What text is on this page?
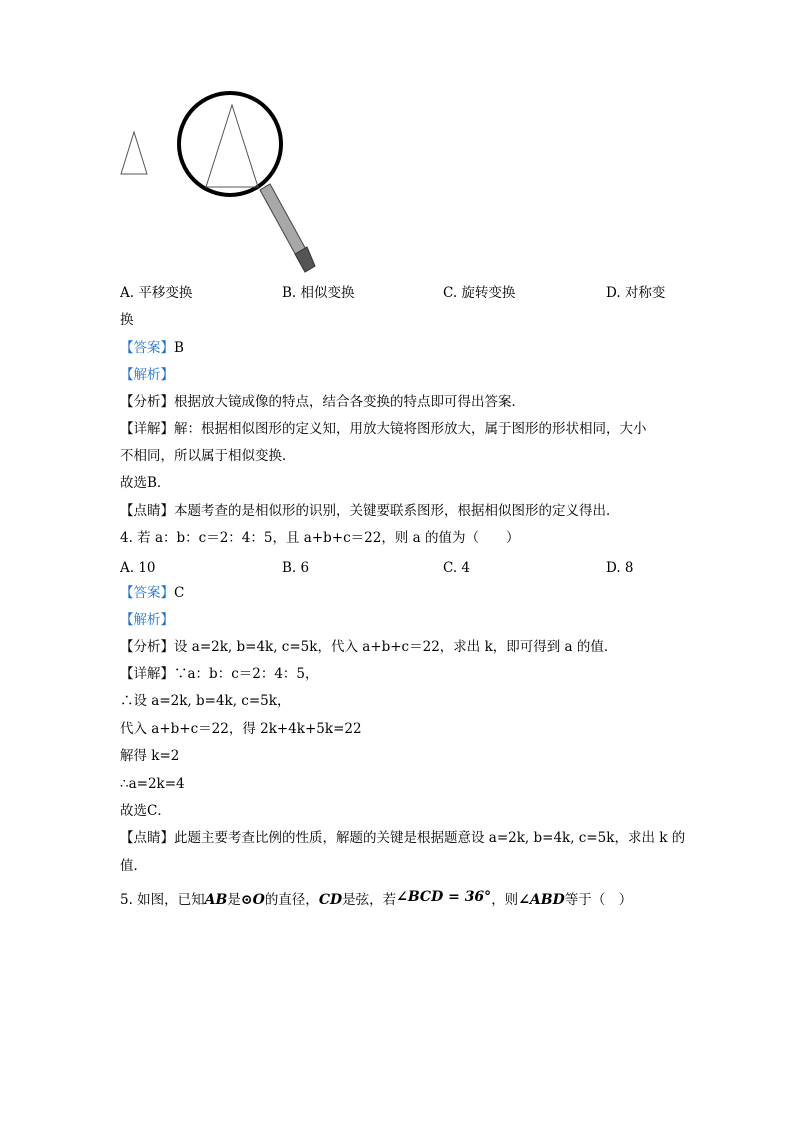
A. 平移变换	B. 相似变换	C. 旋转变换	D. 对称变
换
【答案】B
【解析】
【分析】根据放大镜成像的特点，结合各变换的特点即可得出答案．
【详解】解：根据相似图形的定义知，用放大镜将图形放大，属于图形的形状相同，大小
不相同，所以属于相似变换．
故选B．
【点睛】本题考查的是相似形的识别，关键要联系图形，根据相似图形的定义得出．
4. 若 a：b：c＝2：4：5，且 a+b+c＝22，则 a 的值为（　　）
A. 10	B. 6	C. 4	D. 8
【答案】C
【解析】
【分析】设 a=2k, b=4k, c=5k，代入 a+b+c＝22，求出 k，即可得到 a 的值．
【详解】∵a：b：c＝2：4：5，
∴设 a=2k, b=4k, c=5k，
代入 a+b+c＝22，得 2k+4k+5k=22
解得 k=2
∴a=2k=4
故选C．
【点睛】此题主要考查比例的性质，解题的关键是根据题意设 a=2k, b=4k, c=5k，求出 k 的
值．
5. 如图，已知AB是⊙O的直径，CD是弦，若∠BCD = 36°，则∠ABD等于（　）
